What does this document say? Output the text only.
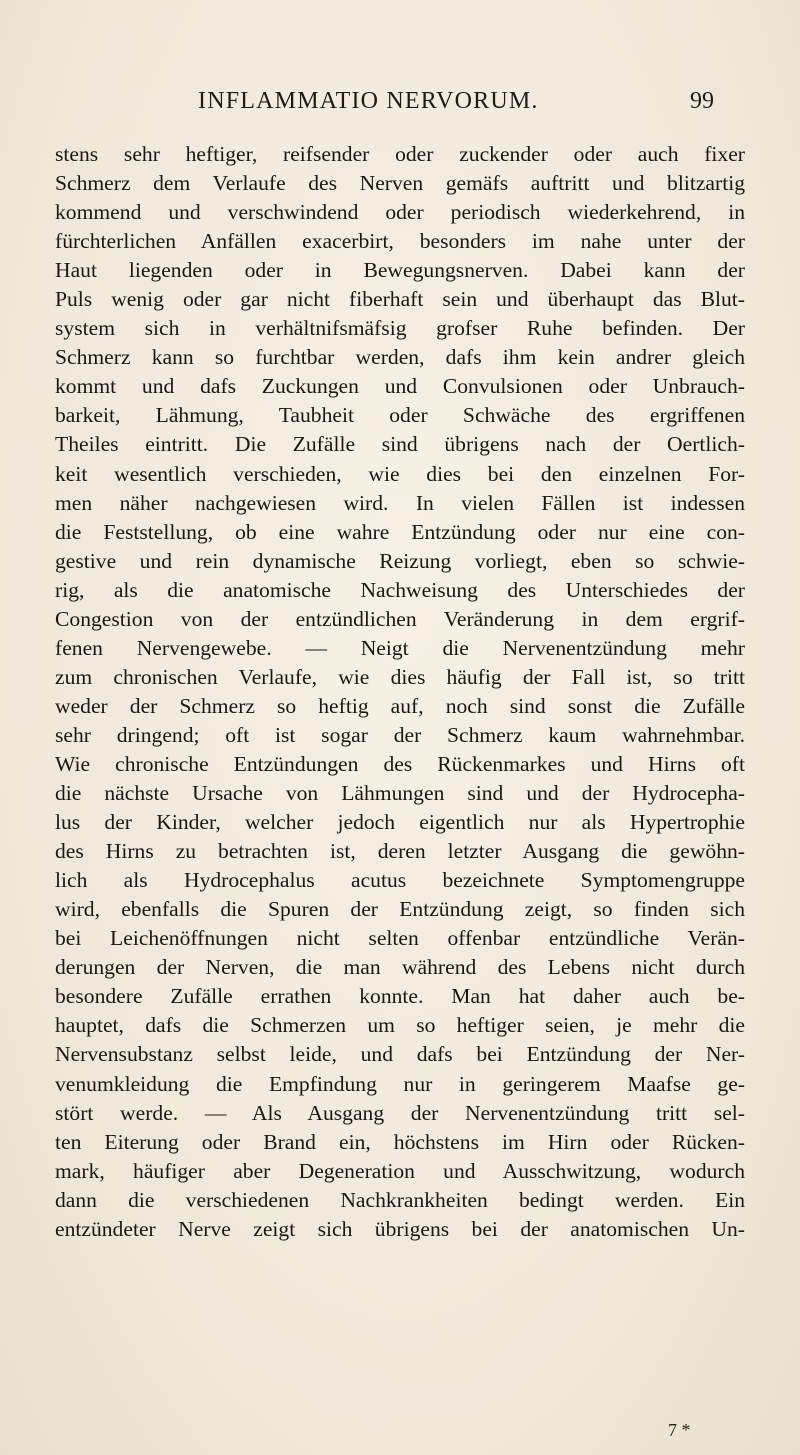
INFLAMMATIO NERVORUM.	99
stens sehr heftiger, reifsender oder zuckender oder auch fixer
Schmerz dem Verlaufe des Nerven gemäfs auftritt und blitzartig
kommend und verschwindend oder periodisch wiederkehrend, in
fürchterlichen Anfällen exacerbirt, besonders im nahe unter der
Haut liegenden oder in Bewegungsnerven. Dabei kann der
Puls wenig oder gar nicht fiberhaft sein und überhaupt das Blut-
system sich in verhältnifsmäfsig grofser Ruhe befinden. Der
Schmerz kann so furchtbar werden, dafs ihm kein andrer gleich
kommt und dafs Zuckungen und Convulsionen oder Unbrauch-
barkeit, Lähmung, Taubheit oder Schwäche des ergriffenen
Theiles eintritt. Die Zufälle sind übrigens nach der Oertlich-
keit wesentlich verschieden, wie dies bei den einzelnen For-
men näher nachgewiesen wird. In vielen Fällen ist indessen
die Feststellung, ob eine wahre Entzündung oder nur eine con-
gestive und rein dynamische Reizung vorliegt, eben so schwie-
rig, als die anatomische Nachweisung des Unterschiedes der
Congestion von der entzündlichen Veränderung in dem ergrif-
fenen Nervengewebe. — Neigt die Nervenentzündung mehr
zum chronischen Verlaufe, wie dies häufig der Fall ist, so tritt
weder der Schmerz so heftig auf, noch sind sonst die Zufälle
sehr dringend; oft ist sogar der Schmerz kaum wahrnehmbar.
Wie chronische Entzündungen des Rückenmarkes und Hirns oft
die nächste Ursache von Lähmungen sind und der Hydrocepha-
lus der Kinder, welcher jedoch eigentlich nur als Hypertrophie
des Hirns zu betrachten ist, deren letzter Ausgang die gewöhn-
lich als Hydrocephalus acutus bezeichnete Symptomengruppe
wird, ebenfalls die Spuren der Entzündung zeigt, so finden sich
bei Leichenöffnungen nicht selten offenbar entzündliche Verän-
derungen der Nerven, die man während des Lebens nicht durch
besondere Zufälle errathen konnte. Man hat daher auch be-
hauptet, dafs die Schmerzen um so heftiger seien, je mehr die
Nervensubstanz selbst leide, und dafs bei Entzündung der Ner-
venumkleidung die Empfindung nur in geringerem Maafse ge-
stört werde. — Als Ausgang der Nervenentzündung tritt sel-
ten Eiterung oder Brand ein, höchstens im Hirn oder Rücken-
mark, häufiger aber Degeneration und Ausschwitzung, wodurch
dann die verschiedenen Nachkrankheiten bedingt werden. Ein
entzündeter Nerve zeigt sich übrigens bei der anatomischen Un-
7 *
